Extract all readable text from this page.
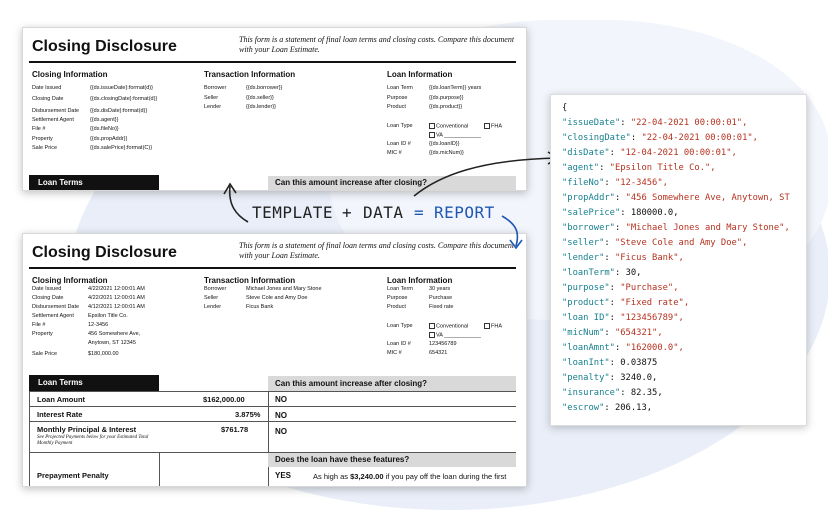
Closing Disclosure	This form is a statement of final loan terms and closing costs. Compare this document with your Loan Estimate.
Closing Information
Date Issued	{{ds.issueDate}:format(d)}
Closing Date	{{ds.closingDate}:format(d)}
Disbursement Date {{ds.disDate}:format(d)}
Settlement Agent	{{ds.agent}}
File #	{{ds.fileNo}}
Property	{{ds.propAddr}}
Sale Price	{{ds.salePrice}:format(C)}
Transaction Information
Borrower	{{ds.borrower}}
Seller	{{ds.seller}}
Lender	{{ds.lender}}
Loan Information
Loan Term	{{ds.loanTerm}} years
Purpose	{{ds.purpose}}
Product	{{ds.product}}
Loan Type	Conventional	FHA
VA ____________
Loan ID #	{{ds.loanID}}
MIC #	{{ds.micNum}}
Loan Terms	Can this amount increase after closing?
Closing Disclosure	This form is a statement of final loan terms and closing costs. Compare this document with your Loan Estimate.
Closing Information
Date Issued	4/22/2021 12:00:01 AM
Closing Date	4/22/2021 12:00:01 AM
Disbursement Date 4/12/2021 12:00:01 AM
Settlement Agent	Epsilon Title Co.
File #	12-3456
Property	456 Somewhere Ave,
Anytown, ST 12345
Sale Price	$180,000.00
Transaction Information
Borrower	Michael Jones and Mary Stone
Seller	Steve Cole and Amy Doe
Lender	Ficus Bank
Loan Information
Loan Term	30 years
Purpose	Purchase
Product	Fixed rate
Loan Type	Conventional	FHA
VA ____________
Loan ID #	123456789
MIC #	654321
Loan Terms	Can this amount increase after closing?
Loan Amount	$162,000.00	NO
Interest Rate	3.875% NO
Monthly Principal & Interest	$761.78	NO
See Projected Payments below for your Estimated Total Monthly Payment
Does the loan have these features?
Prepayment Penalty	YES	As high as $3,240.00 if you pay off the loan during the first
TEMPLATE + DATA = REPORT
{
"issueDate": "22-04-2021 00:00:01",
"closingDate": "22-04-2021 00:00:01",
"disDate": "12-04-2021 00:00:01",
"agent": "Epsilon Title Co.",
"fileNo": "12-3456",
"propAddr": "456 Somewhere Ave, Anytown, ST
"salePrice": 180000.0,
"borrower": "Michael Jones and Mary Stone",
"seller": "Steve Cole and Amy Doe",
"lender": "Ficus Bank",
"loanTerm": 30,
"purpose": "Purchase",
"product": "Fixed rate",
"loan ID": "123456789",
"micNum": "654321",
"loanAmnt": "162000.0",
"loanInt": 0.03875
"penalty": 3240.0,
"insurance": 82.35,
"escrow": 206.13,
